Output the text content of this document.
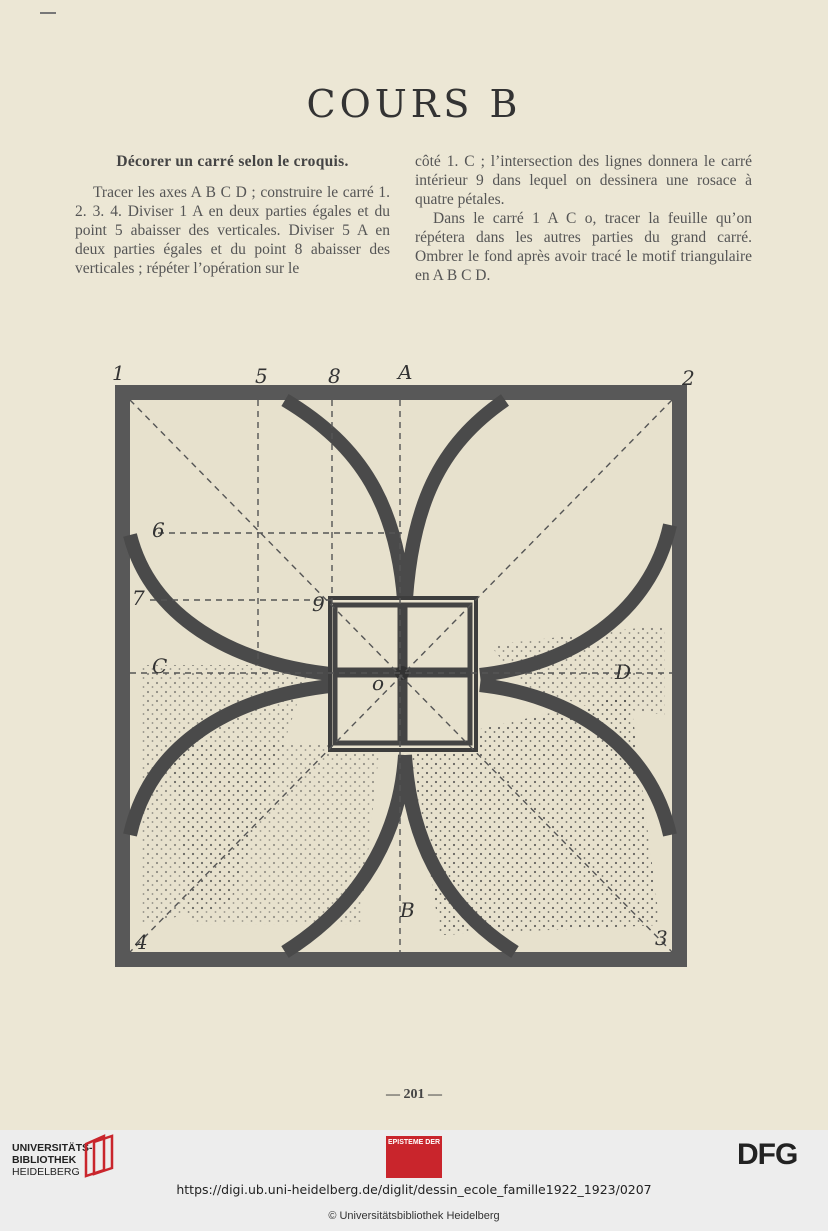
COURS B

Décorer un carré selon le croquis.

Tracer les axes A B C D ; construire le carré 1. 2. 3. 4. Diviser 1 A en deux parties égales et du point 5 abaisser des verticales. Diviser 5 A en deux parties égales et du point 8 abaisser des verticales ; répéter l’opération sur le

côté 1. C ; l’intersection des lignes donnera le carré intérieur 9 dans lequel on dessinera une rosace à quatre pétales.

Dans le carré 1 A C o, tracer la feuille qu’on répétera dans les autres parties du grand carré. Ombrer le fond après avoir tracé le motif triangulaire en A B C D.

1	2
3
4
5	8	A
B
C	D
6
7	9
o
— 201 —
UNIVERSITÄTS-
BIBLIOTHEK
HEIDELBERG
EPISTEME DER	DFG
https://digi.ub.uni-heidelberg.de/diglit/dessin_ecole_famille1922_1923/0207
© Universitätsbibliothek Heidelberg
